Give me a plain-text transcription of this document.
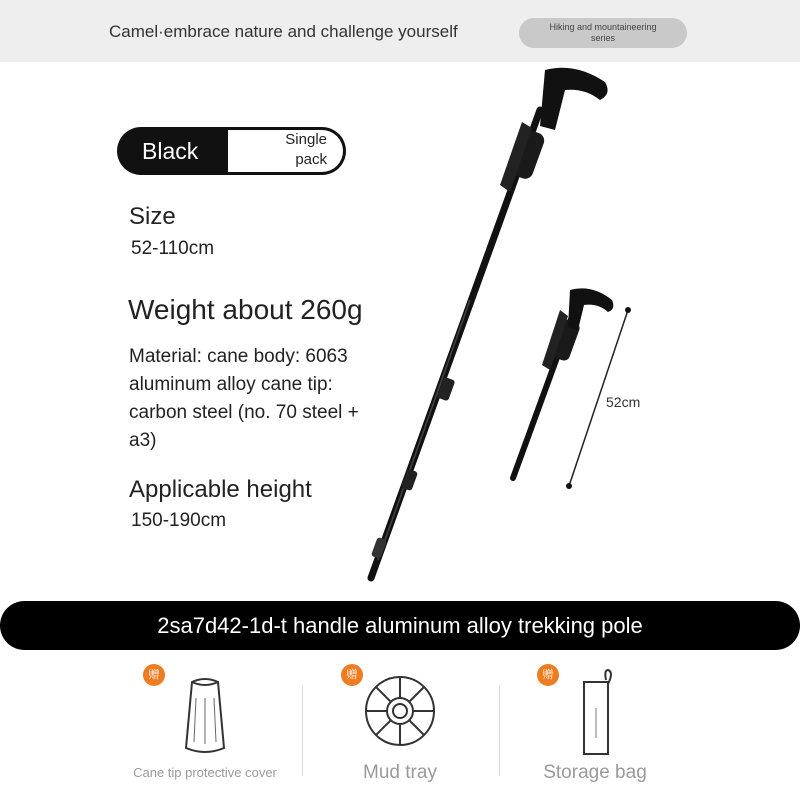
Camel·embrace nature and challenge yourself	Hiking and mountaineering
series
Black	Single
pack
Size
52-110cm
Weight about 260g
Material: cane body: 6063
aluminum alloy cane tip:
carbon steel (no. 70 steel +
a3)
Applicable height
150-190cm
52cm
2sa7d42-1d-t handle aluminum alloy trekking pole
赠
Cane tip protective cover
赠
Mud tray
赠
Storage bag
